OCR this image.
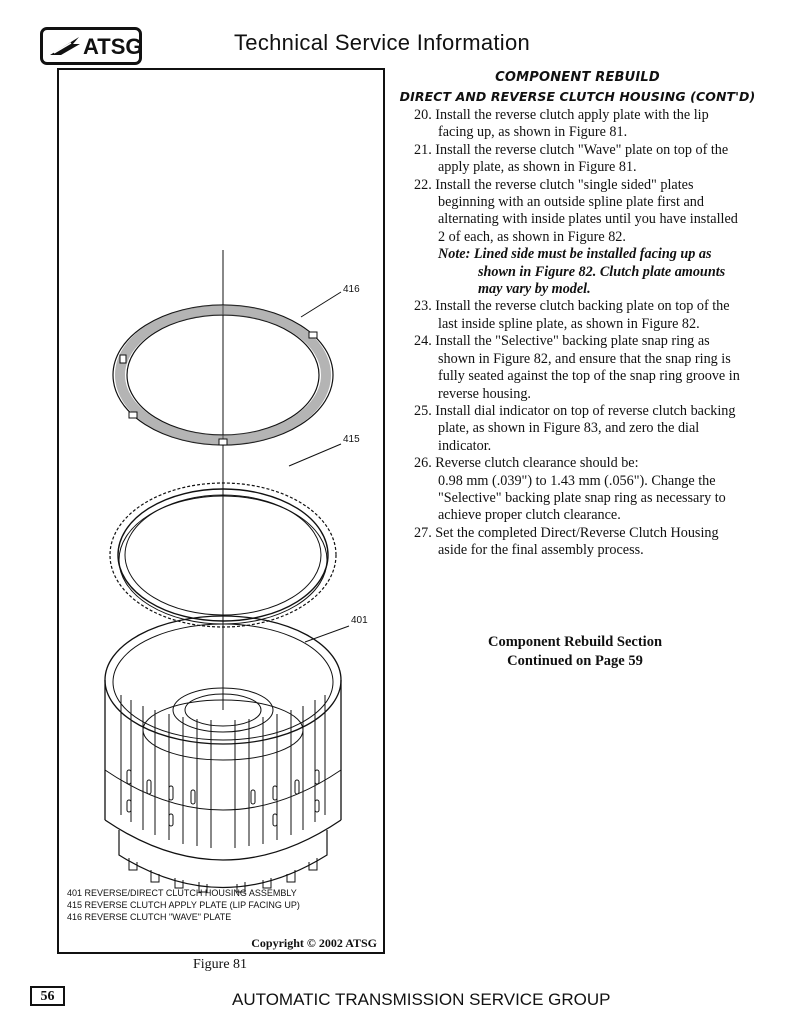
ATSG	Technical Service Information
416
415
401
401 REVERSE/DIRECT CLUTCH HOUSING ASSEMBLY
415 REVERSE CLUTCH APPLY PLATE (LIP FACING UP)
416 REVERSE CLUTCH "WAVE" PLATE
Copyright © 2002 ATSG
Figure 81
COMPONENT REBUILD
DIRECT AND REVERSE CLUTCH HOUSING (CONT'D)

20. Install the reverse clutch apply plate with the lip facing up, as shown in Figure 81.

21. Install the reverse clutch "Wave" plate on top of the apply plate, as shown in Figure 81.

22. Install the reverse clutch "single sided" plates beginning with an outside spline plate first and alternating with inside plates until you have installed 2 of each, as shown in Figure 82.

Note: Lined side must be installed facing up as shown in Figure 82. Clutch plate amounts may vary by model.

23. Install the reverse clutch backing plate on top of the last inside spline plate, as shown in Figure 82.

24. Install the "Selective" backing plate snap ring as shown in Figure 82, and ensure that the snap ring is fully seated against the top of the snap ring groove in reverse housing.

25. Install dial indicator on top of reverse clutch backing plate, as shown in Figure 83, and zero the dial indicator.

26. Reverse clutch clearance should be:

0.98 mm (.039") to 1.43 mm (.056"). Change the "Selective" backing plate snap ring as necessary to achieve proper clutch clearance.

27. Set the completed Direct/Reverse Clutch Housing aside for the final assembly process.

Component Rebuild Section
Continued on Page 59
56	AUTOMATIC TRANSMISSION SERVICE GROUP
